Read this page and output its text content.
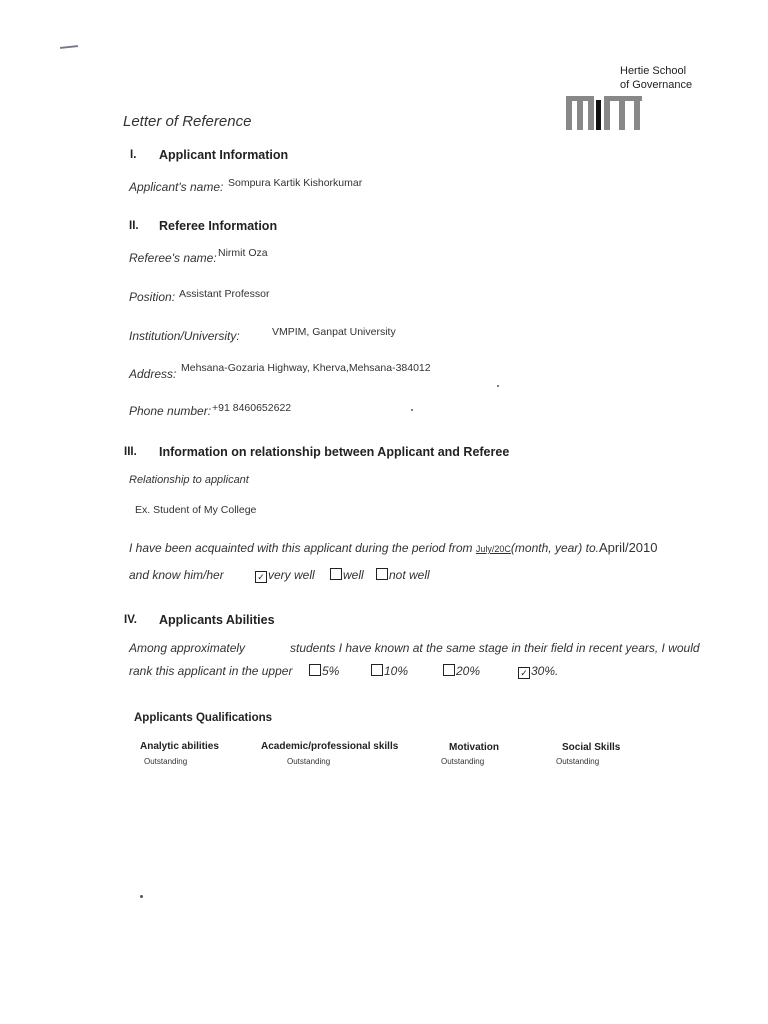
Hertie School
of Governance
Letter of Reference
I. Applicant Information
Applicant's name: Sompura Kartik Kishorkumar
II. Referee Information
Referee's name: Nirmit Oza
Position: Assistant Professor
Institution/University:	VMPIM, Ganpat University
Address: Mehsana-Gozaria Highway, Kherva,Mehsana-384012
Phone number: +91 8460652622
III. Information on relationship between Applicant and Referee
Relationship to applicant
Ex. Student of My College
I have been acquainted with this applicant during the period from July/20C(month, year) to.April/2010
and know him/her	✓ very well	well	not well
IV. Applicants Abilities
Among approximately	students I have known at the same stage in their field in recent years, I would
rank this applicant in the upper	5%	10%	20%	✓ 30%.
Applicants Qualifications
Analytic abilities
Outstanding
Academic/professional skills
Outstanding
Motivation
Outstanding
Social Skills
Outstanding
